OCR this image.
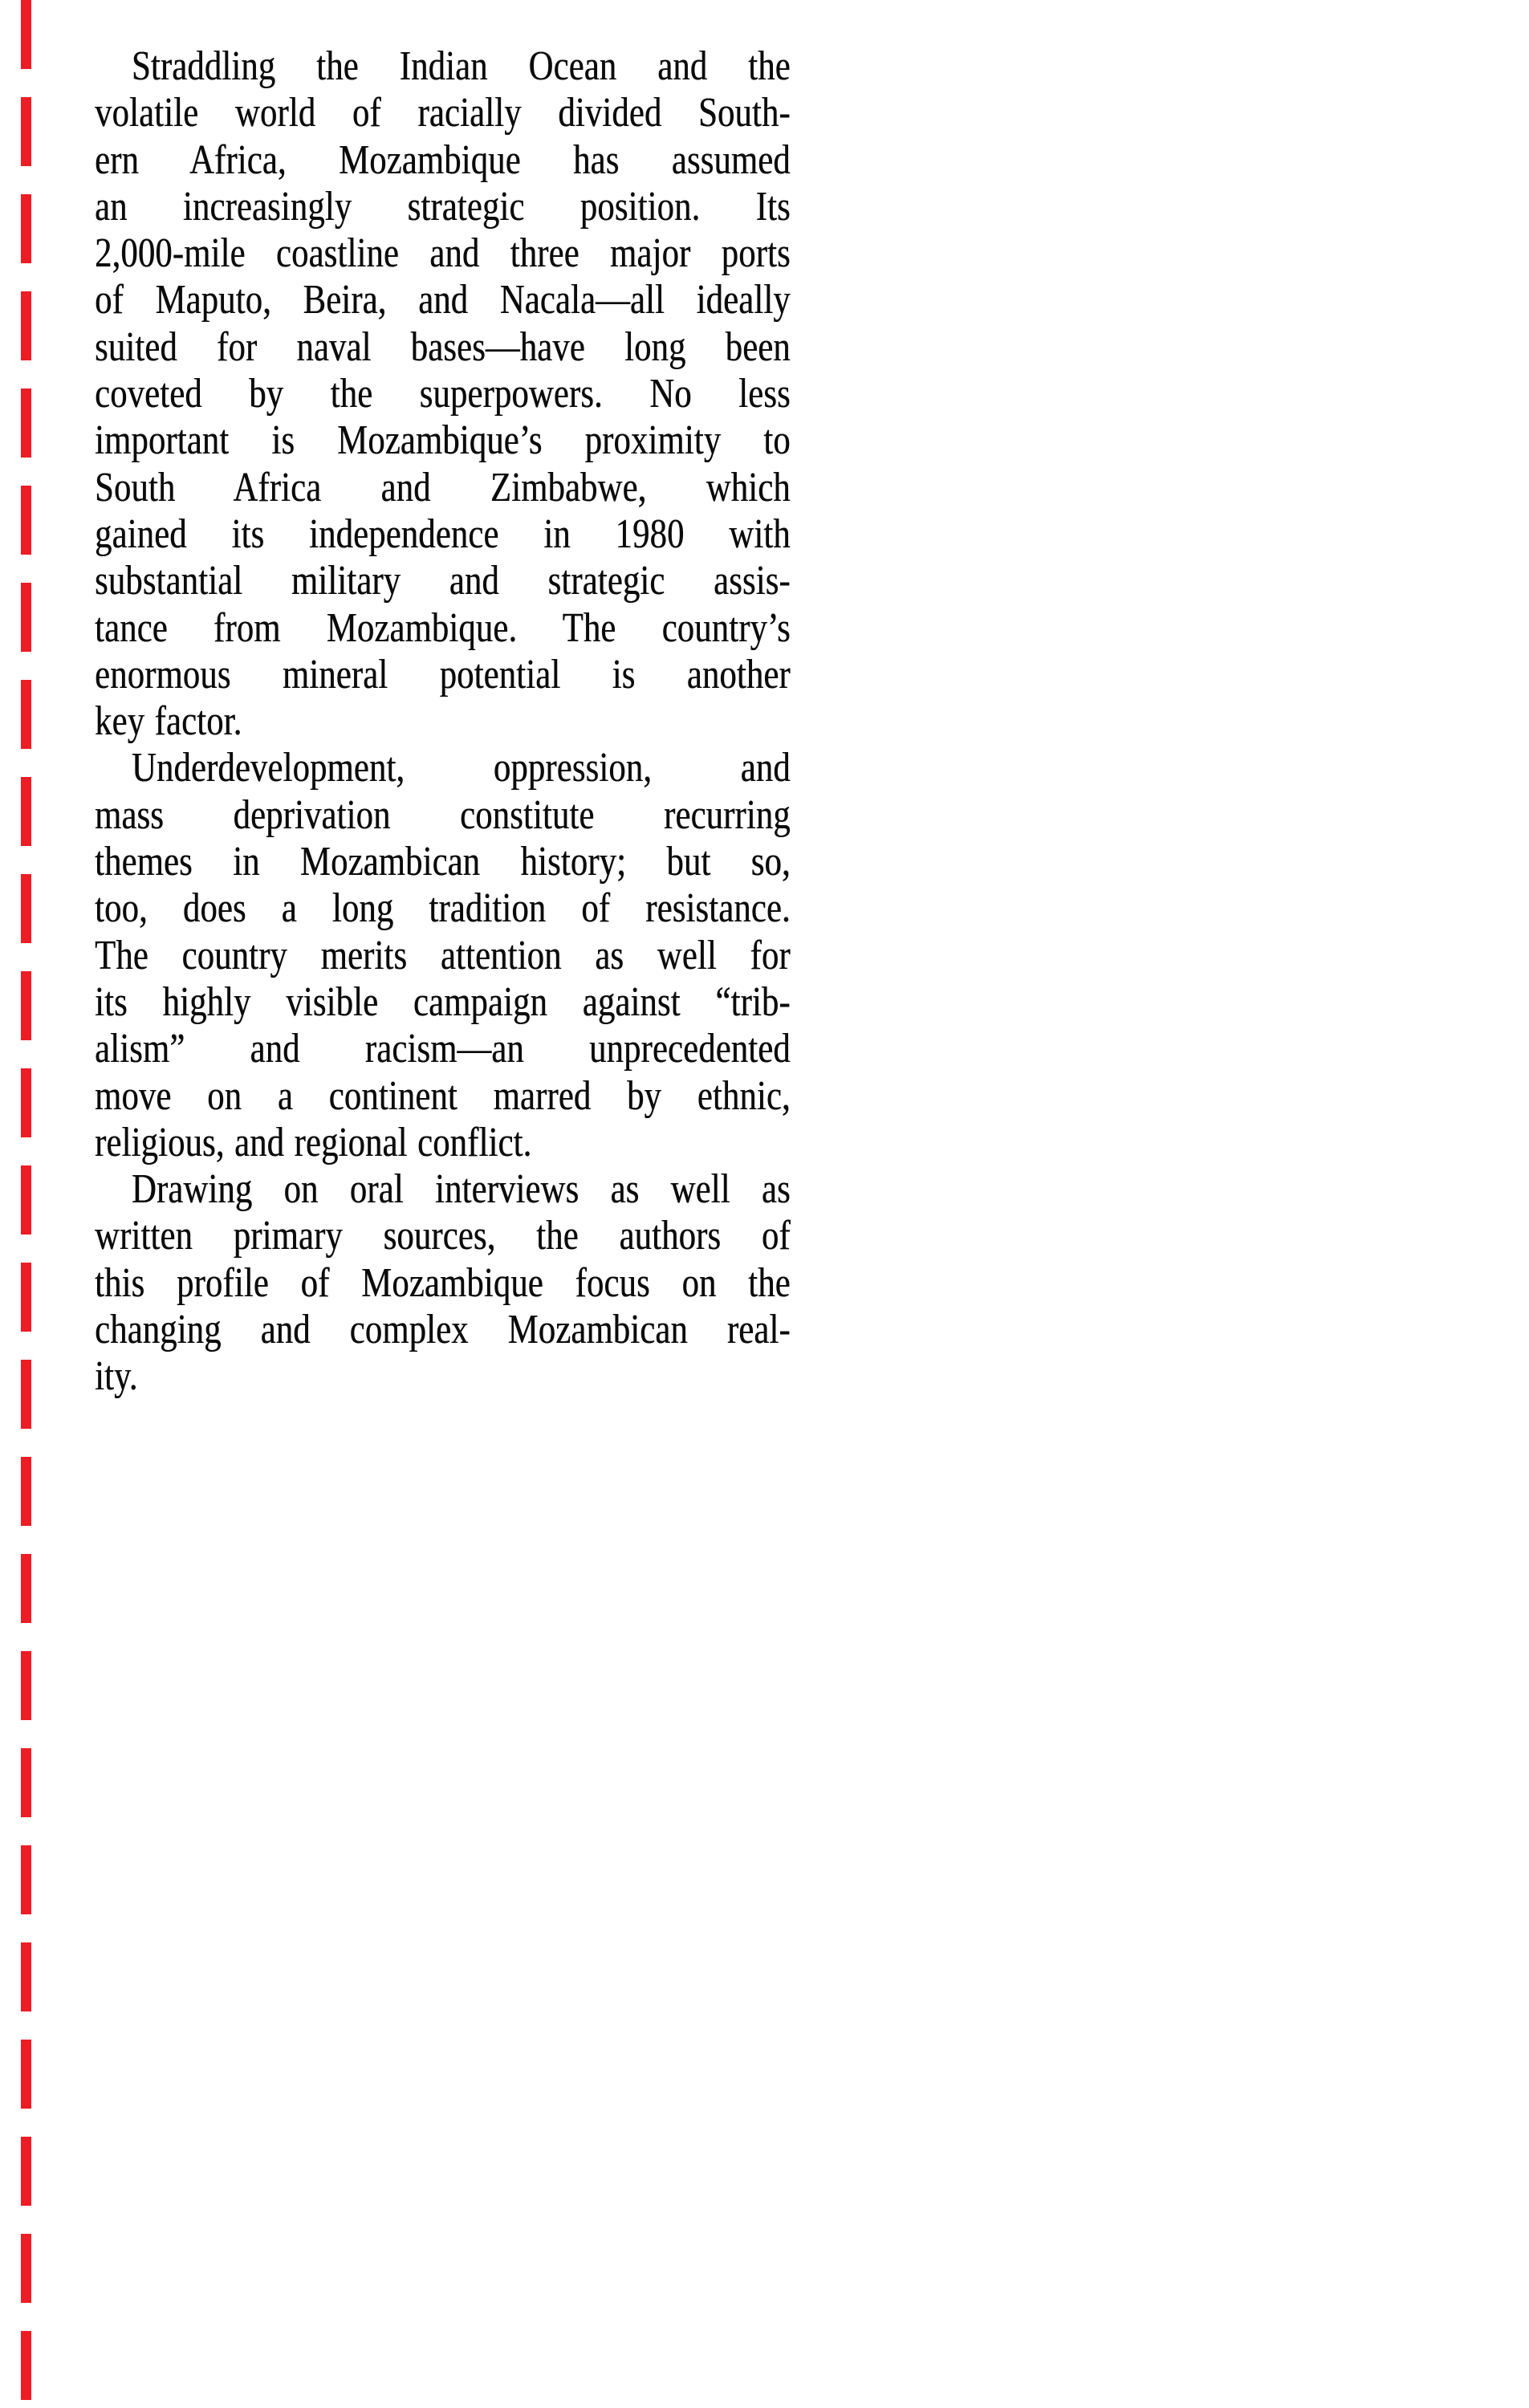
Straddling the Indian Ocean and the
volatile world of racially divided South-
ern Africa, Mozambique has assumed
an increasingly strategic position. Its
2,000-mile coastline and three major ports
of Maputo, Beira, and Nacala—all ideally
suited for naval bases—have long been
coveted by the superpowers. No less
important is Mozambique’s proximity to
South Africa and Zimbabwe, which
gained its independence in 1980 with
substantial military and strategic assis-
tance from Mozambique. The country’s
enormous mineral potential is another
key factor.
Underdevelopment, oppression, and
mass deprivation constitute recurring
themes in Mozambican history; but so,
too, does a long tradition of resistance.
The country merits attention as well for
its highly visible campaign against “trib-
alism” and racism—an unprecedented
move on a continent marred by ethnic,
religious, and regional conflict.
Drawing on oral interviews as well as
written primary sources, the authors of
this profile of Mozambique focus on the
changing and complex Mozambican real-
ity.
